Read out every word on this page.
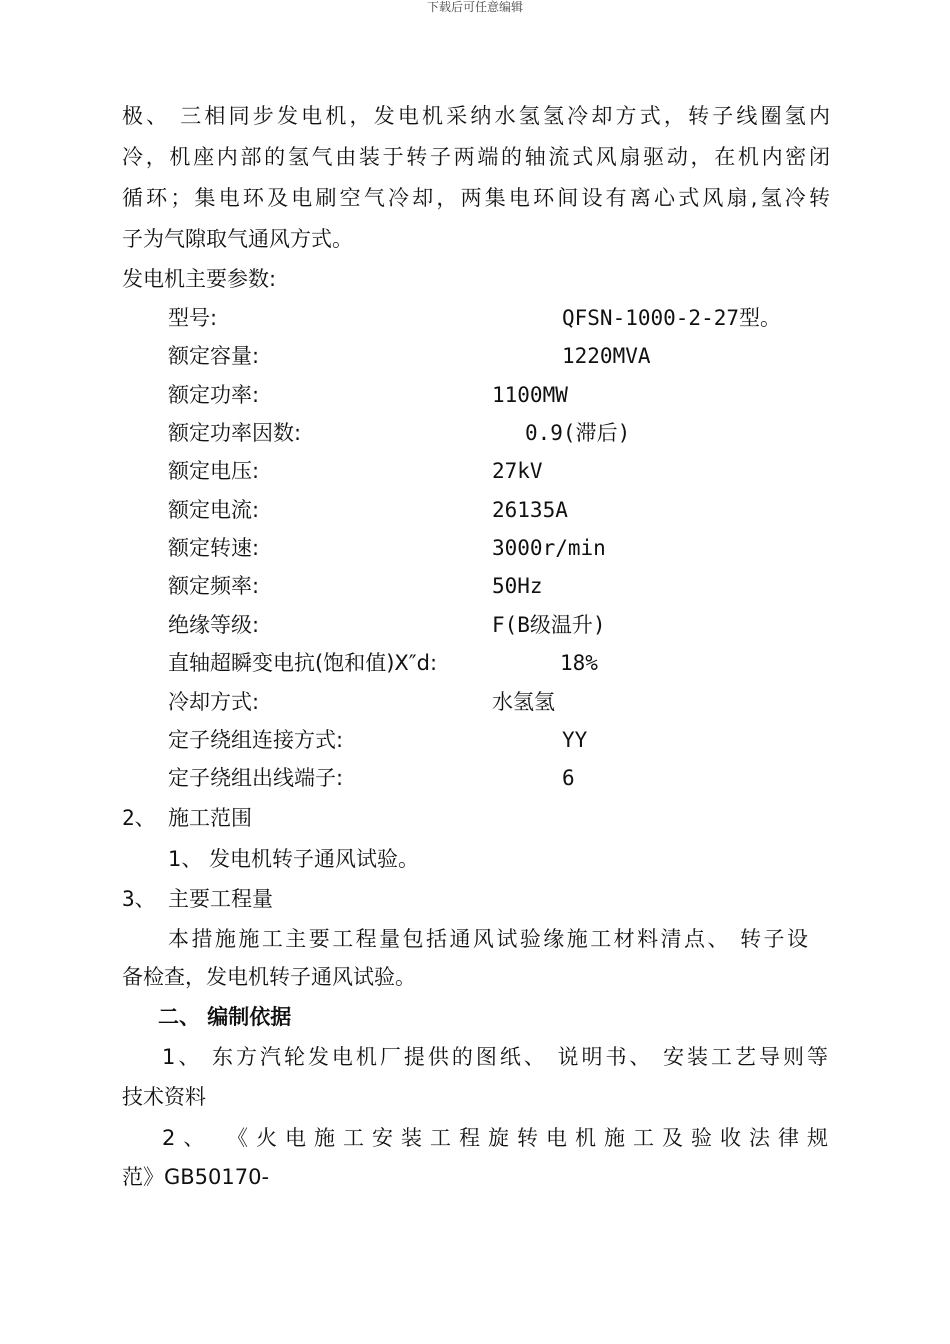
下载后可任意编辑
极、 三相同步发电机，发电机采纳水氢氢冷却方式，转子线圈氢内
冷，机座内部的氢气由装于转子两端的轴流式风扇驱动，在机内密闭
循环；集电环及电刷空气冷却，两集电环间设有离心式风扇,氢冷转
子为气隙取气通风方式。
发电机主要参数:
型号:	QFSN-1000-2-27型。
额定容量:	1220MVA
额定功率:	1100MW
额定功率因数:	0.9(滞后)
额定电压:	27kV
额定电流:	26135A
额定转速:	3000r/min
额定频率:	50Hz
绝缘等级:	F(B级温升)
直轴超瞬变电抗(饱和值)X″d:	18%
冷却方式:	水氢氢
定子绕组连接方式:	YY
定子绕组出线端子:	6
2、 施工范围
1、 发电机转子通风试验。
3、 主要工程量
本措施施工主要工程量包括通风试验缘施工材料清点、 转子设
备检查，发电机转子通风试验。
二、 编制依据
1、 东方汽轮发电机厂提供的图纸、 说明书、 安装工艺导则等
技术资料
2、 《火电施工安装工程旋转电机施工及验收法律规
范》GB50170-
